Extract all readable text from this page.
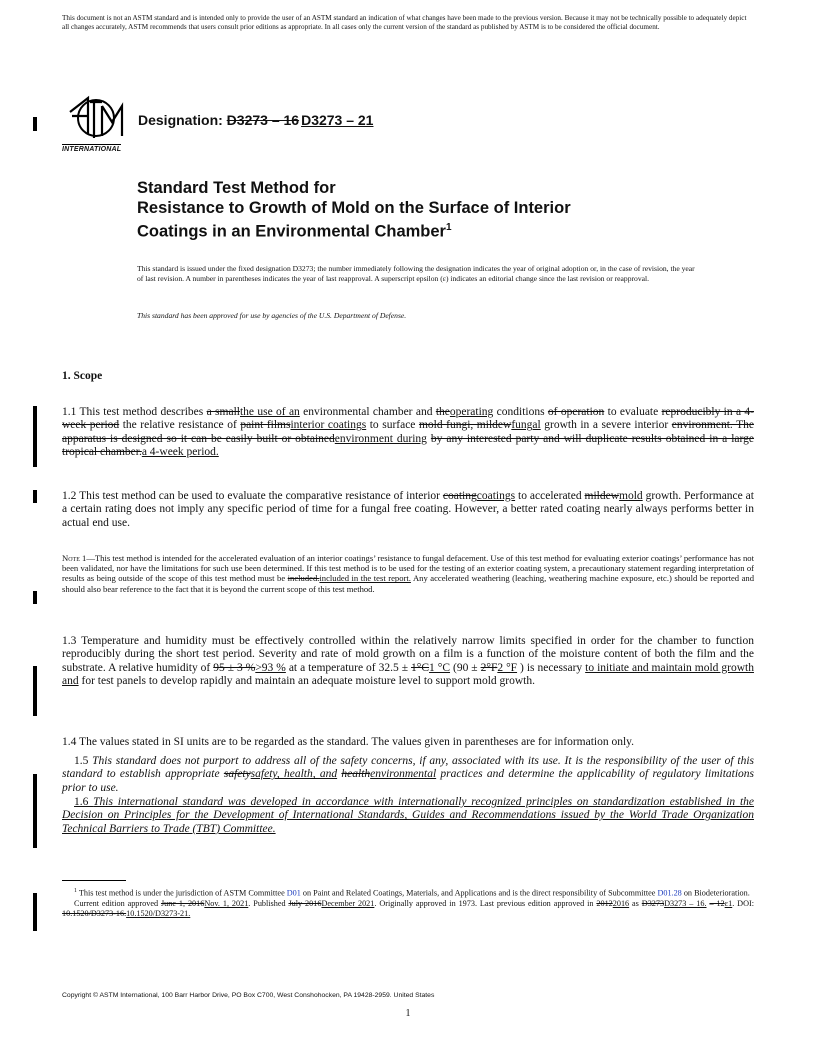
This document is not an ASTM standard and is intended only to provide the user of an ASTM standard an indication of what changes have been made to the previous version. Because it may not be technically possible to adequately depict all changes accurately, ASTM recommends that users consult prior editions as appropriate. In all cases only the current version of the standard as published by ASTM is to be considered the official document.
INTERNATIONAL
Designation: D3273 – 16 D3273 – 21
Standard Test Method for
Resistance to Growth of Mold on the Surface of Interior
Coatings in an Environmental Chamber$^1$
This standard is issued under the fixed designation D3273; the number immediately following the designation indicates the year of original adoption or, in the case of revision, the year of last revision. A number in parentheses indicates the year of last reapproval. A superscript epsilon (ε) indicates an editorial change since the last revision or reapproval.
This standard has been approved for use by agencies of the U.S. Department of Defense.
1. Scope
1.1 This test method describes a smallthe use of an environmental chamber and theoperating conditions of operation to evaluate reproducibly in a 4-week period the relative resistance of paint filmsinterior coatings to surface mold fungi, mildewfungal growth in a severe interior environment. The apparatus is designed so it can be easily built or obtainedenvironment during by any interested party and will duplicate results obtained in a large tropical chamber.a 4-week period.
1.2 This test method can be used to evaluate the comparative resistance of interior coatingcoatings to accelerated mildewmold growth. Performance at a certain rating does not imply any specific period of time for a fungal free coating. However, a better rated coating nearly always performs better in actual end use.
Note 1—This test method is intended for the accelerated evaluation of an interior coatings’ resistance to fungal defacement. Use of this test method for evaluating exterior coatings’ performance has not been validated, nor have the limitations for such use been determined. If this test method is to be used for the testing of an exterior coating system, a precautionary statement regarding interpretation of results as being outside of the scope of this test method must be included.included in the test report. Any accelerated weathering (leaching, weathering machine exposure, etc.) should be reported and should also bear reference to the fact that it is beyond the current scope of this test method.
1.3 Temperature and humidity must be effectively controlled within the relatively narrow limits specified in order for the chamber to function reproducibly during the short test period. Severity and rate of mold growth on a film is a function of the moisture content of both the film and the substrate. A relative humidity of 95 ± 3 %>93 % at a temperature of 32.5 ± 1°C1 °C (90 ± 2°F2 °F ) is necessary to initiate and maintain mold growth and for test panels to develop rapidly and maintain an adequate moisture level to support mold growth.
1.4 The values stated in SI units are to be regarded as the standard. The values given in parentheses are for information only.
1.5 This standard does not purport to address all of the safety concerns, if any, associated with its use. It is the responsibility of the user of this standard to establish appropriate safetysafety, health, and healthenvironmental practices and determine the applicability of regulatory limitations prior to use.
1.6 This international standard was developed in accordance with internationally recognized principles on standardization established in the Decision on Principles for the Development of International Standards, Guides and Recommendations issued by the World Trade Organization Technical Barriers to Trade (TBT) Committee.
$^1$ This test method is under the jurisdiction of ASTM Committee D01 on Paint and Related Coatings, Materials, and Applications and is the direct responsibility of Subcommittee D01.28 on Biodeterioration.
Current edition approved June 1, 2016Nov. 1, 2021. Published July 2016December 2021. Originally approved in 1973. Last previous edition approved in 20122016 as D3273D3273 – 16. – 12ε1. DOI: 10.1520/D3273-16.10.1520/D3273-21.
Copyright © ASTM International, 100 Barr Harbor Drive, PO Box C700, West Conshohocken, PA 19428-2959. United States
1
